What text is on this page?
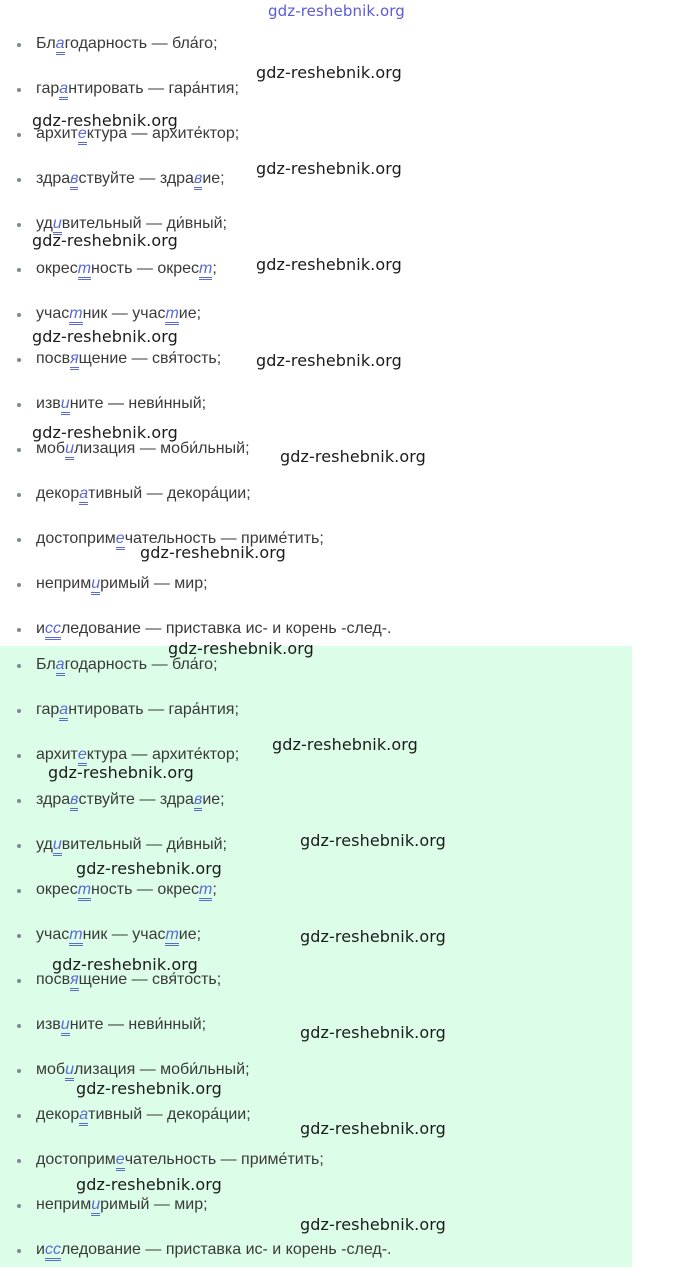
gdz-reshebnik.org
Благодарность — бла́го;
гарантировать — гара́нтия;
архитектура — архите́ктор;
здравствуйте — здравие;
удивительный — ди́вный;
окрестность — окрест;
участник — участие;
посвящение — свя́тость;
извините — неви́нный;
мобилизация — моби́льный;
декоративный — декора́ции;
достопримечательность — приме́тить;
непримиримый — мир;
исследование — приставка ис- и корень -след-.
Благодарность — бла́го;
гарантировать — гара́нтия;
архитектура — архите́ктор;
здравствуйте — здравие;
удивительный — ди́вный;
окрестность — окрест;
участник — участие;
посвящение — свя́тость;
извините — неви́нный;
мобилизация — моби́льный;
декоративный — декора́ции;
достопримечательность — приме́тить;
непримиримый — мир;
исследование — приставка ис- и корень -след-.
gdz-reshebnik.org
gdz-reshebnik.org
gdz-reshebnik.org
gdz-reshebnik.org
gdz-reshebnik.org
gdz-reshebnik.org
gdz-reshebnik.org
gdz-reshebnik.org
gdz-reshebnik.org
gdz-reshebnik.org
gdz-reshebnik.org
gdz-reshebnik.org
gdz-reshebnik.org
gdz-reshebnik.org
gdz-reshebnik.org
gdz-reshebnik.org
gdz-reshebnik.org
gdz-reshebnik.org
gdz-reshebnik.org
gdz-reshebnik.org
gdz-reshebnik.org
gdz-reshebnik.org
